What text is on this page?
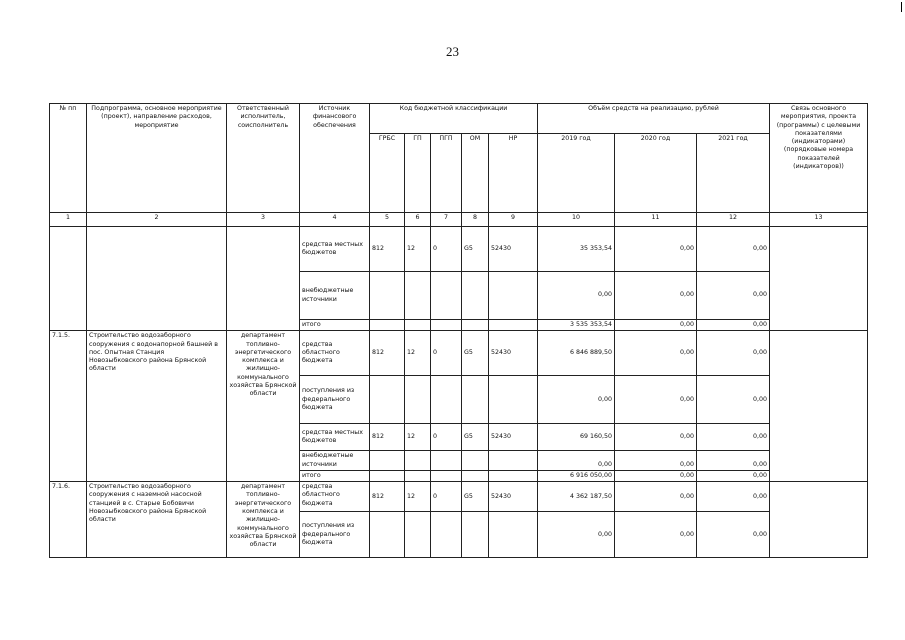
23
№ пп	Подпрограмма, основное мероприятие (проект), направление расходов, мероприятие	Ответственный исполнитель, соисполнитель	Источник финансового обеспечения	Код бюджетной классификации					Объём средств на реализацию, рублей			Связь основного мероприятия, проекта (программы) с целевыми показателями (индикаторами) (порядковые номера показателей (индикаторов))
				ГРБС	ГП	ПГП	ОМ	НР	2019 год	2020 год	2021 год	
1	2	3	4	5	6	7	8	9	10	11	12	13
			средства местных бюджетов	812	12	0	G5	52430	35 353,54	0,00	0,00	
			внебюджетные источники						0,00	0,00	0,00	
			итого						3 535 353,54	0,00	0,00	
7.1.5.	Строительство водозаборного сооружения с водонапорной башней в пос. Опытная Станция Новозыбковского района Брянской области	департамент топливно-энергетического комплекса и жилищно-коммунального хозяйства Брянской области	средства областного бюджета	812	12	0	G5	52430	6 846 889,50	0,00	0,00	
			поступления из федерального бюджета						0,00	0,00	0,00	
			средства местных бюджетов	812	12	0	G5	52430	69 160,50	0,00	0,00	
			внебюджетные источники						0,00	0,00	0,00	
			итого						6 916 050,00	0,00	0,00	
7.1.6.	Строительство водозаборного сооружения с наземной насосной станцией в с. Старые Бобовичи Новозыбковского района Брянской области	департамент топливно-энергетического комплекса и жилищно-коммунального хозяйства Брянской области	средства областного бюджета	812	12	0	G5	52430	4 362 187,50	0,00	0,00	
			поступления из федерального бюджета						0,00	0,00	0,00	
